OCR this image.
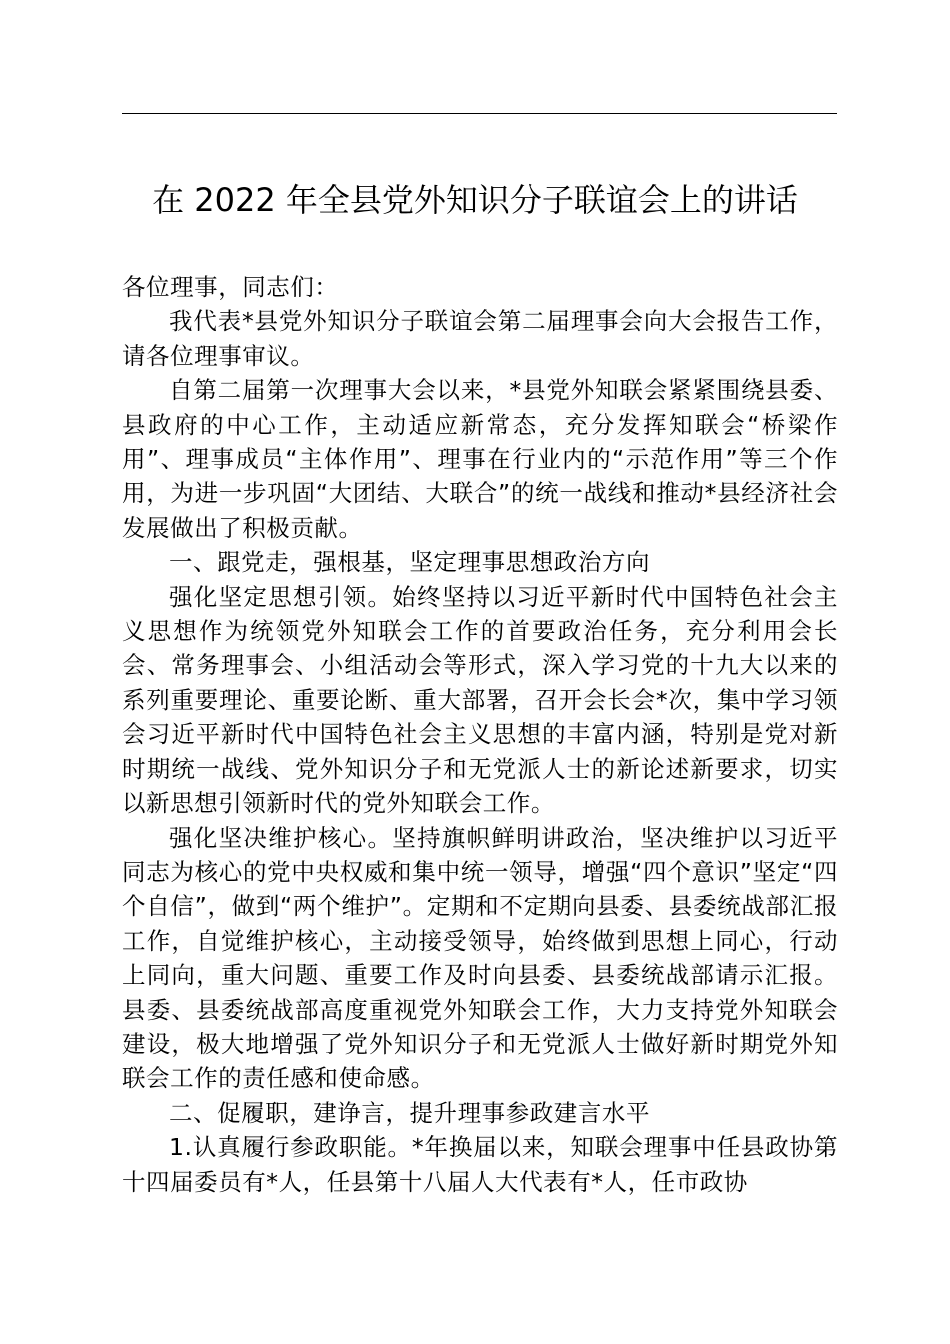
在 2022 年全县党外知识分子联谊会上的讲话

各位理事，同志们：

我代表*县党外知识分子联谊会第二届理事会向大会报告工作，请各位理事审议。

自第二届第一次理事大会以来，*县党外知联会紧紧围绕县委、县政府的中心工作，主动适应新常态，充分发挥知联会“桥梁作用”、理事成员“主体作用”、理事在行业内的“示范作用”等三个作用，为进一步巩固“大团结、大联合”的统一战线和推动*县经济社会发展做出了积极贡献。

一、跟党走，强根基，坚定理事思想政治方向

强化坚定思想引领。始终坚持以习近平新时代中国特色社会主义思想作为统领党外知联会工作的首要政治任务，充分利用会长会、常务理事会、小组活动会等形式，深入学习党的十九大以来的系列重要理论、重要论断、重大部署，召开会长会*次，集中学习领会习近平新时代中国特色社会主义思想的丰富内涵，特别是党对新时期统一战线、党外知识分子和无党派人士的新论述新要求，切实以新思想引领新时代的党外知联会工作。

强化坚决维护核心。坚持旗帜鲜明讲政治，坚决维护以习近平同志为核心的党中央权威和集中统一领导，增强“四个意识”坚定“四个自信”，做到“两个维护”。定期和不定期向县委、县委统战部汇报工作，自觉维护核心，主动接受领导，始终做到思想上同心，行动上同向，重大问题、重要工作及时向县委、县委统战部请示汇报。县委、县委统战部高度重视党外知联会工作，大力支持党外知联会建设，极大地增强了党外知识分子和无党派人士做好新时期党外知联会工作的责任感和使命感。

二、促履职，建诤言，提升理事参政建言水平

1.认真履行参政职能。*年换届以来，知联会理事中任县政协第十四届委员有*人，任县第十八届人大代表有*人，任市政协
